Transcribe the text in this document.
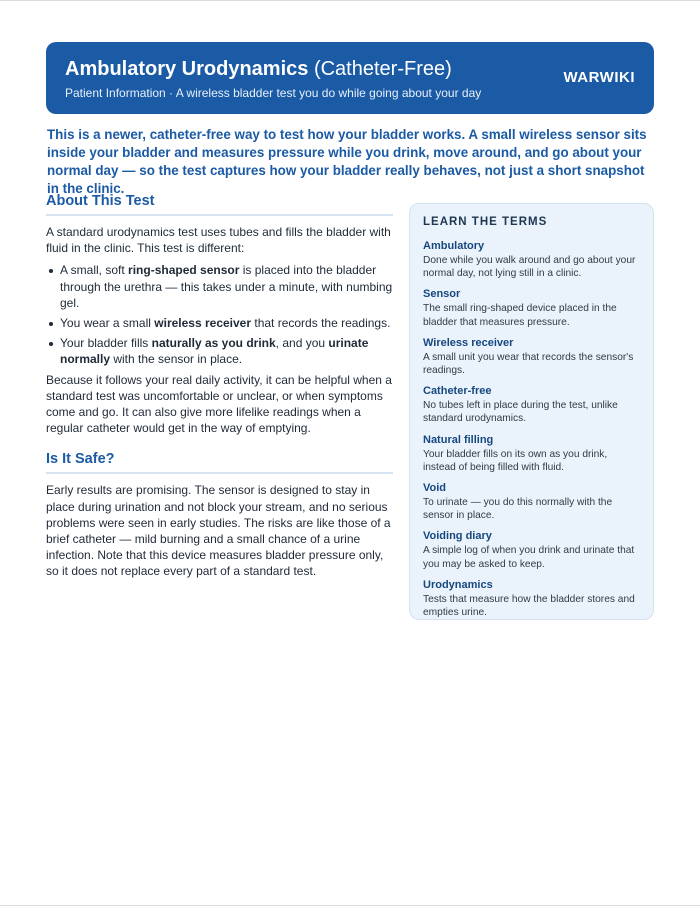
Ambulatory Urodynamics (Catheter-Free)
Patient Information · A wireless bladder test you do while going about your day
WARWIKI

This is a newer, catheter-free way to test how your bladder works. A small wireless sensor sits inside your bladder and measures pressure while you drink, move around, and go about your normal day — so the test captures how your bladder really behaves, not just a short snapshot in the clinic.

About This Test

A standard urodynamics test uses tubes and fills the bladder with fluid in the clinic. This test is different:

A small, soft ring-shaped sensor is placed into the bladder through the urethra — this takes under a minute, with numbing gel.
You wear a small wireless receiver that records the readings.
Your bladder fills naturally as you drink, and you urinate normally with the sensor in place.

Because it follows your real daily activity, it can be helpful when a standard test was uncomfortable or unclear, or when symptoms come and go. It can also give more lifelike readings when a regular catheter would get in the way of emptying.

Is It Safe?

Early results are promising. The sensor is designed to stay in place during urination and not block your stream, and no serious problems were seen in early studies. The risks are like those of a brief catheter — mild burning and a small chance of a urine infection. Note that this device measures bladder pressure only, so it does not replace every part of a standard test.

LEARN THE TERMS
Ambulatory
Done while you walk around and go about your normal day, not lying still in a clinic.
Sensor
The small ring-shaped device placed in the bladder that measures pressure.
Wireless receiver
A small unit you wear that records the sensor's readings.
Catheter-free
No tubes left in place during the test, unlike standard urodynamics.
Natural filling
Your bladder fills on its own as you drink, instead of being filled with fluid.
Void
To urinate — you do this normally with the sensor in place.
Voiding diary
A simple log of when you drink and urinate that you may be asked to keep.
Urodynamics
Tests that measure how the bladder stores and empties urine.
